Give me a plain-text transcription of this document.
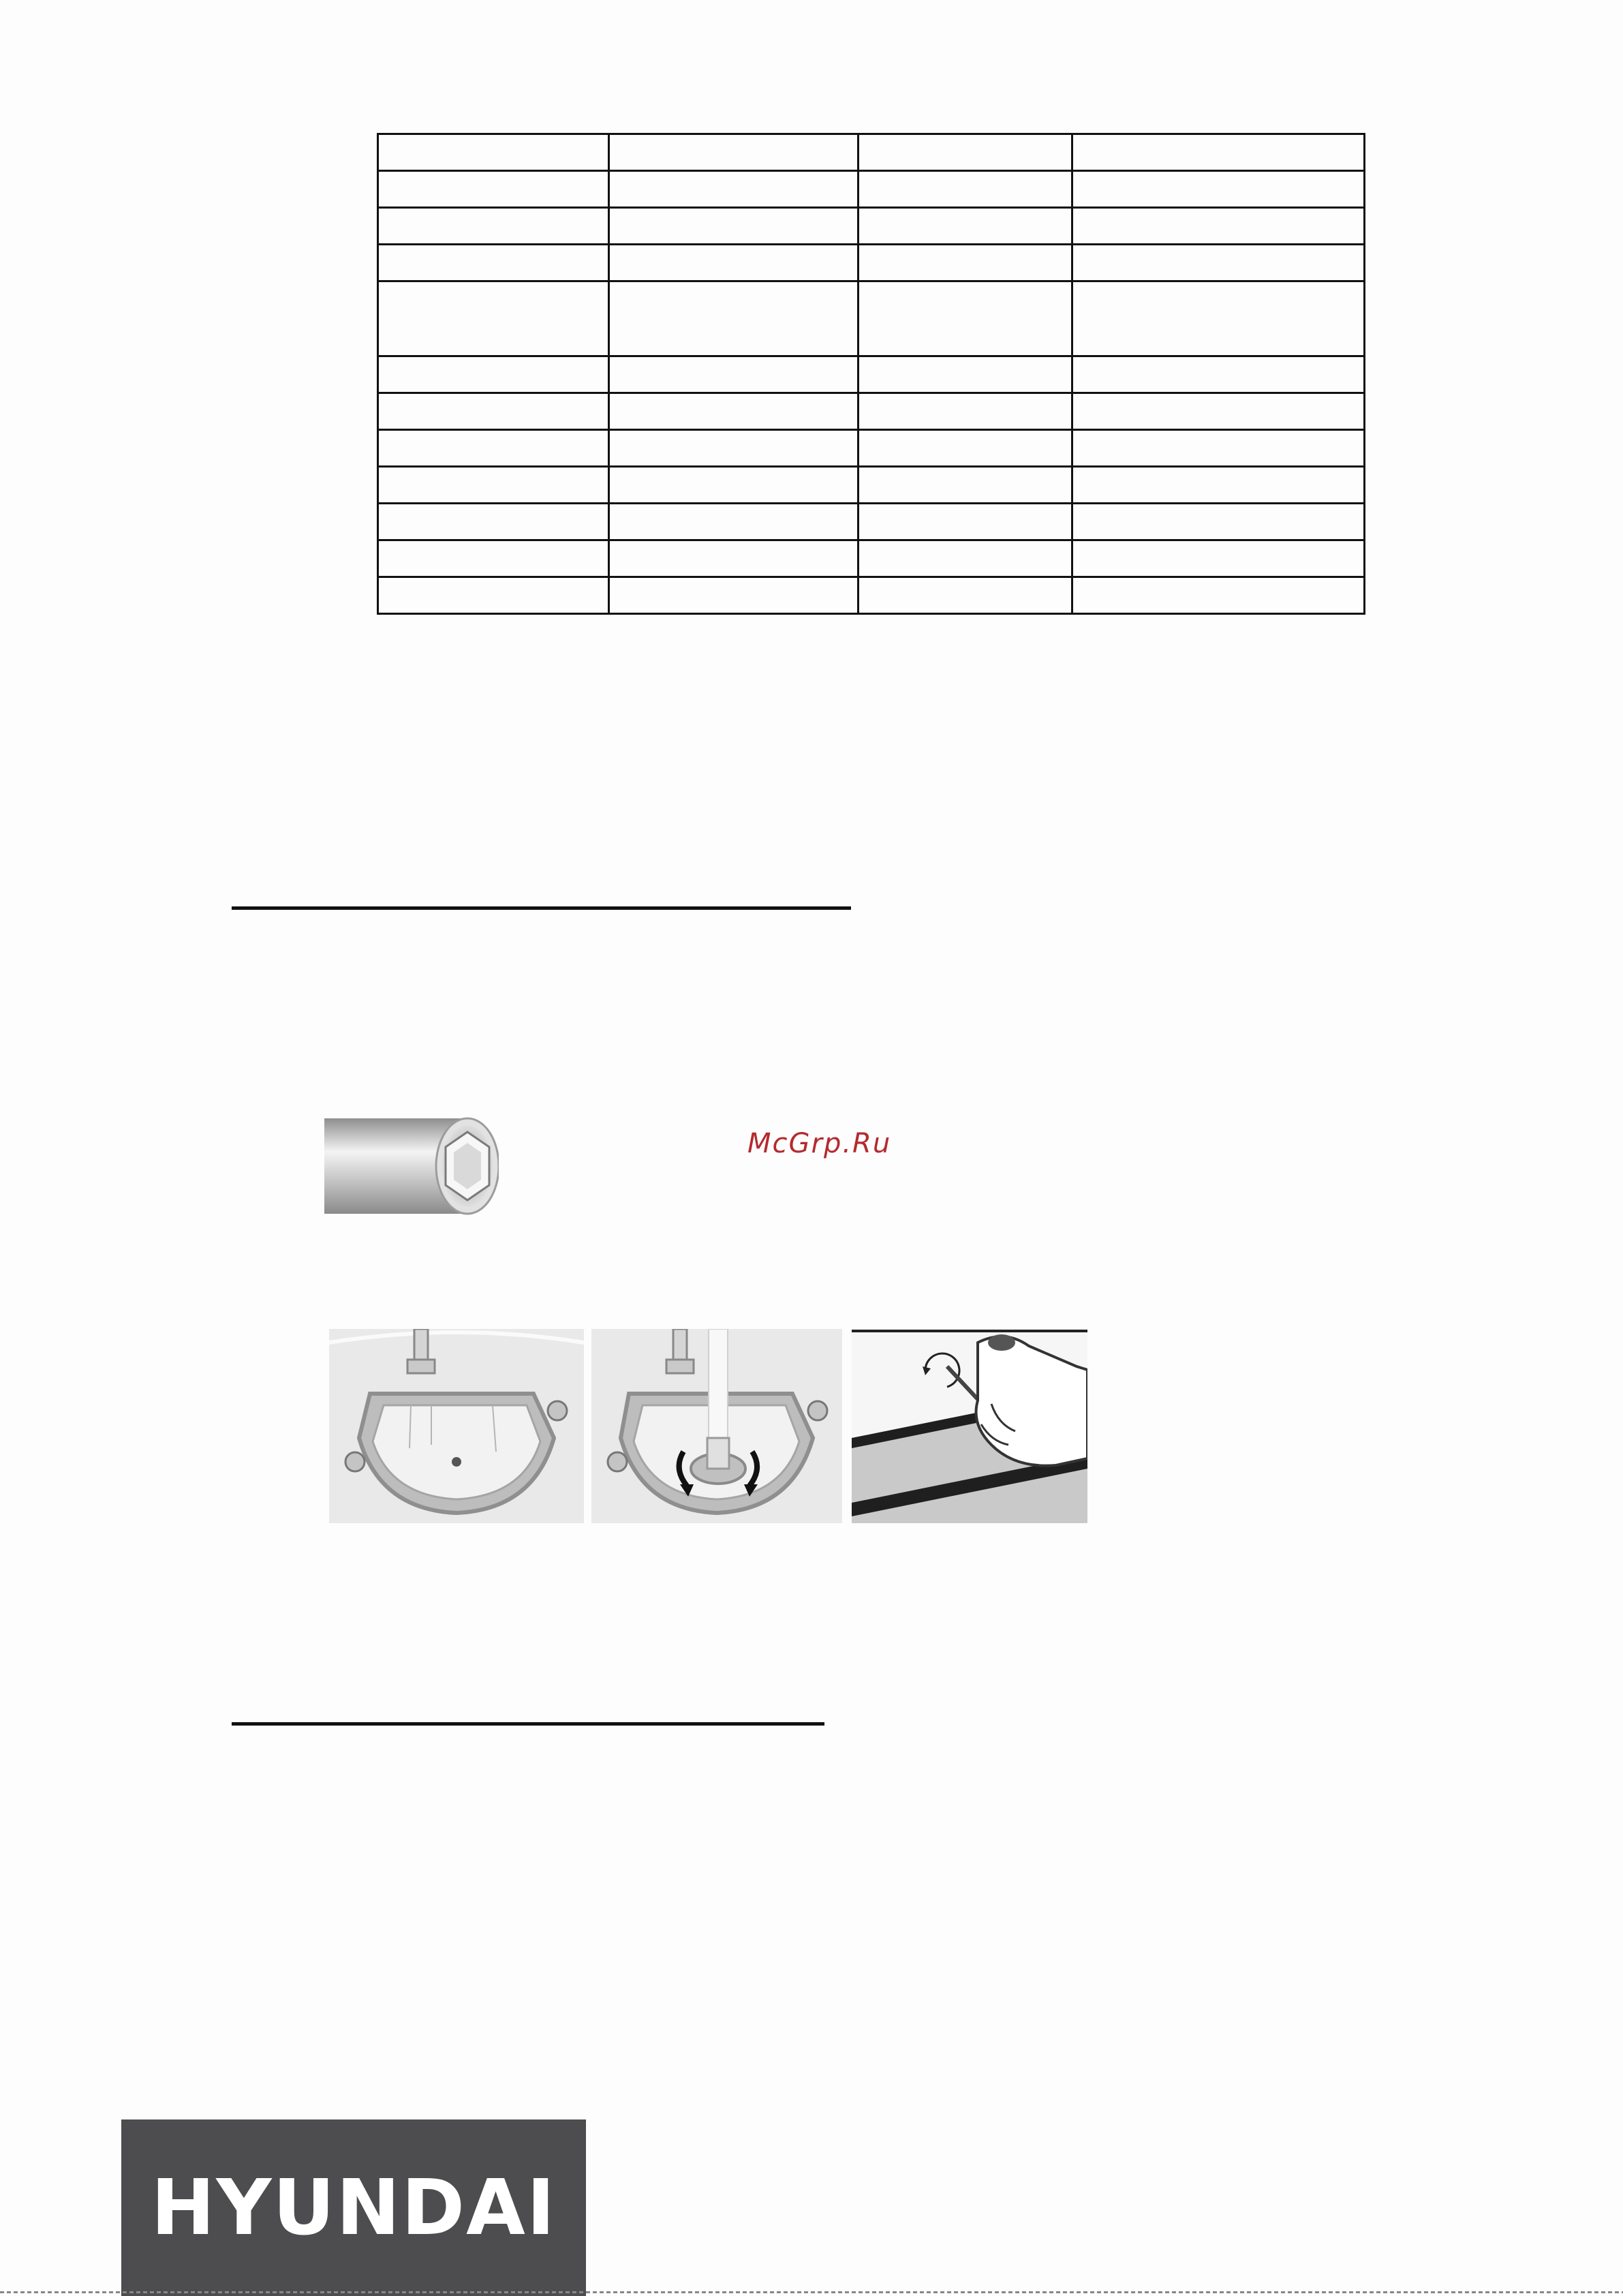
McGrp.Ru
HYUNDAI
